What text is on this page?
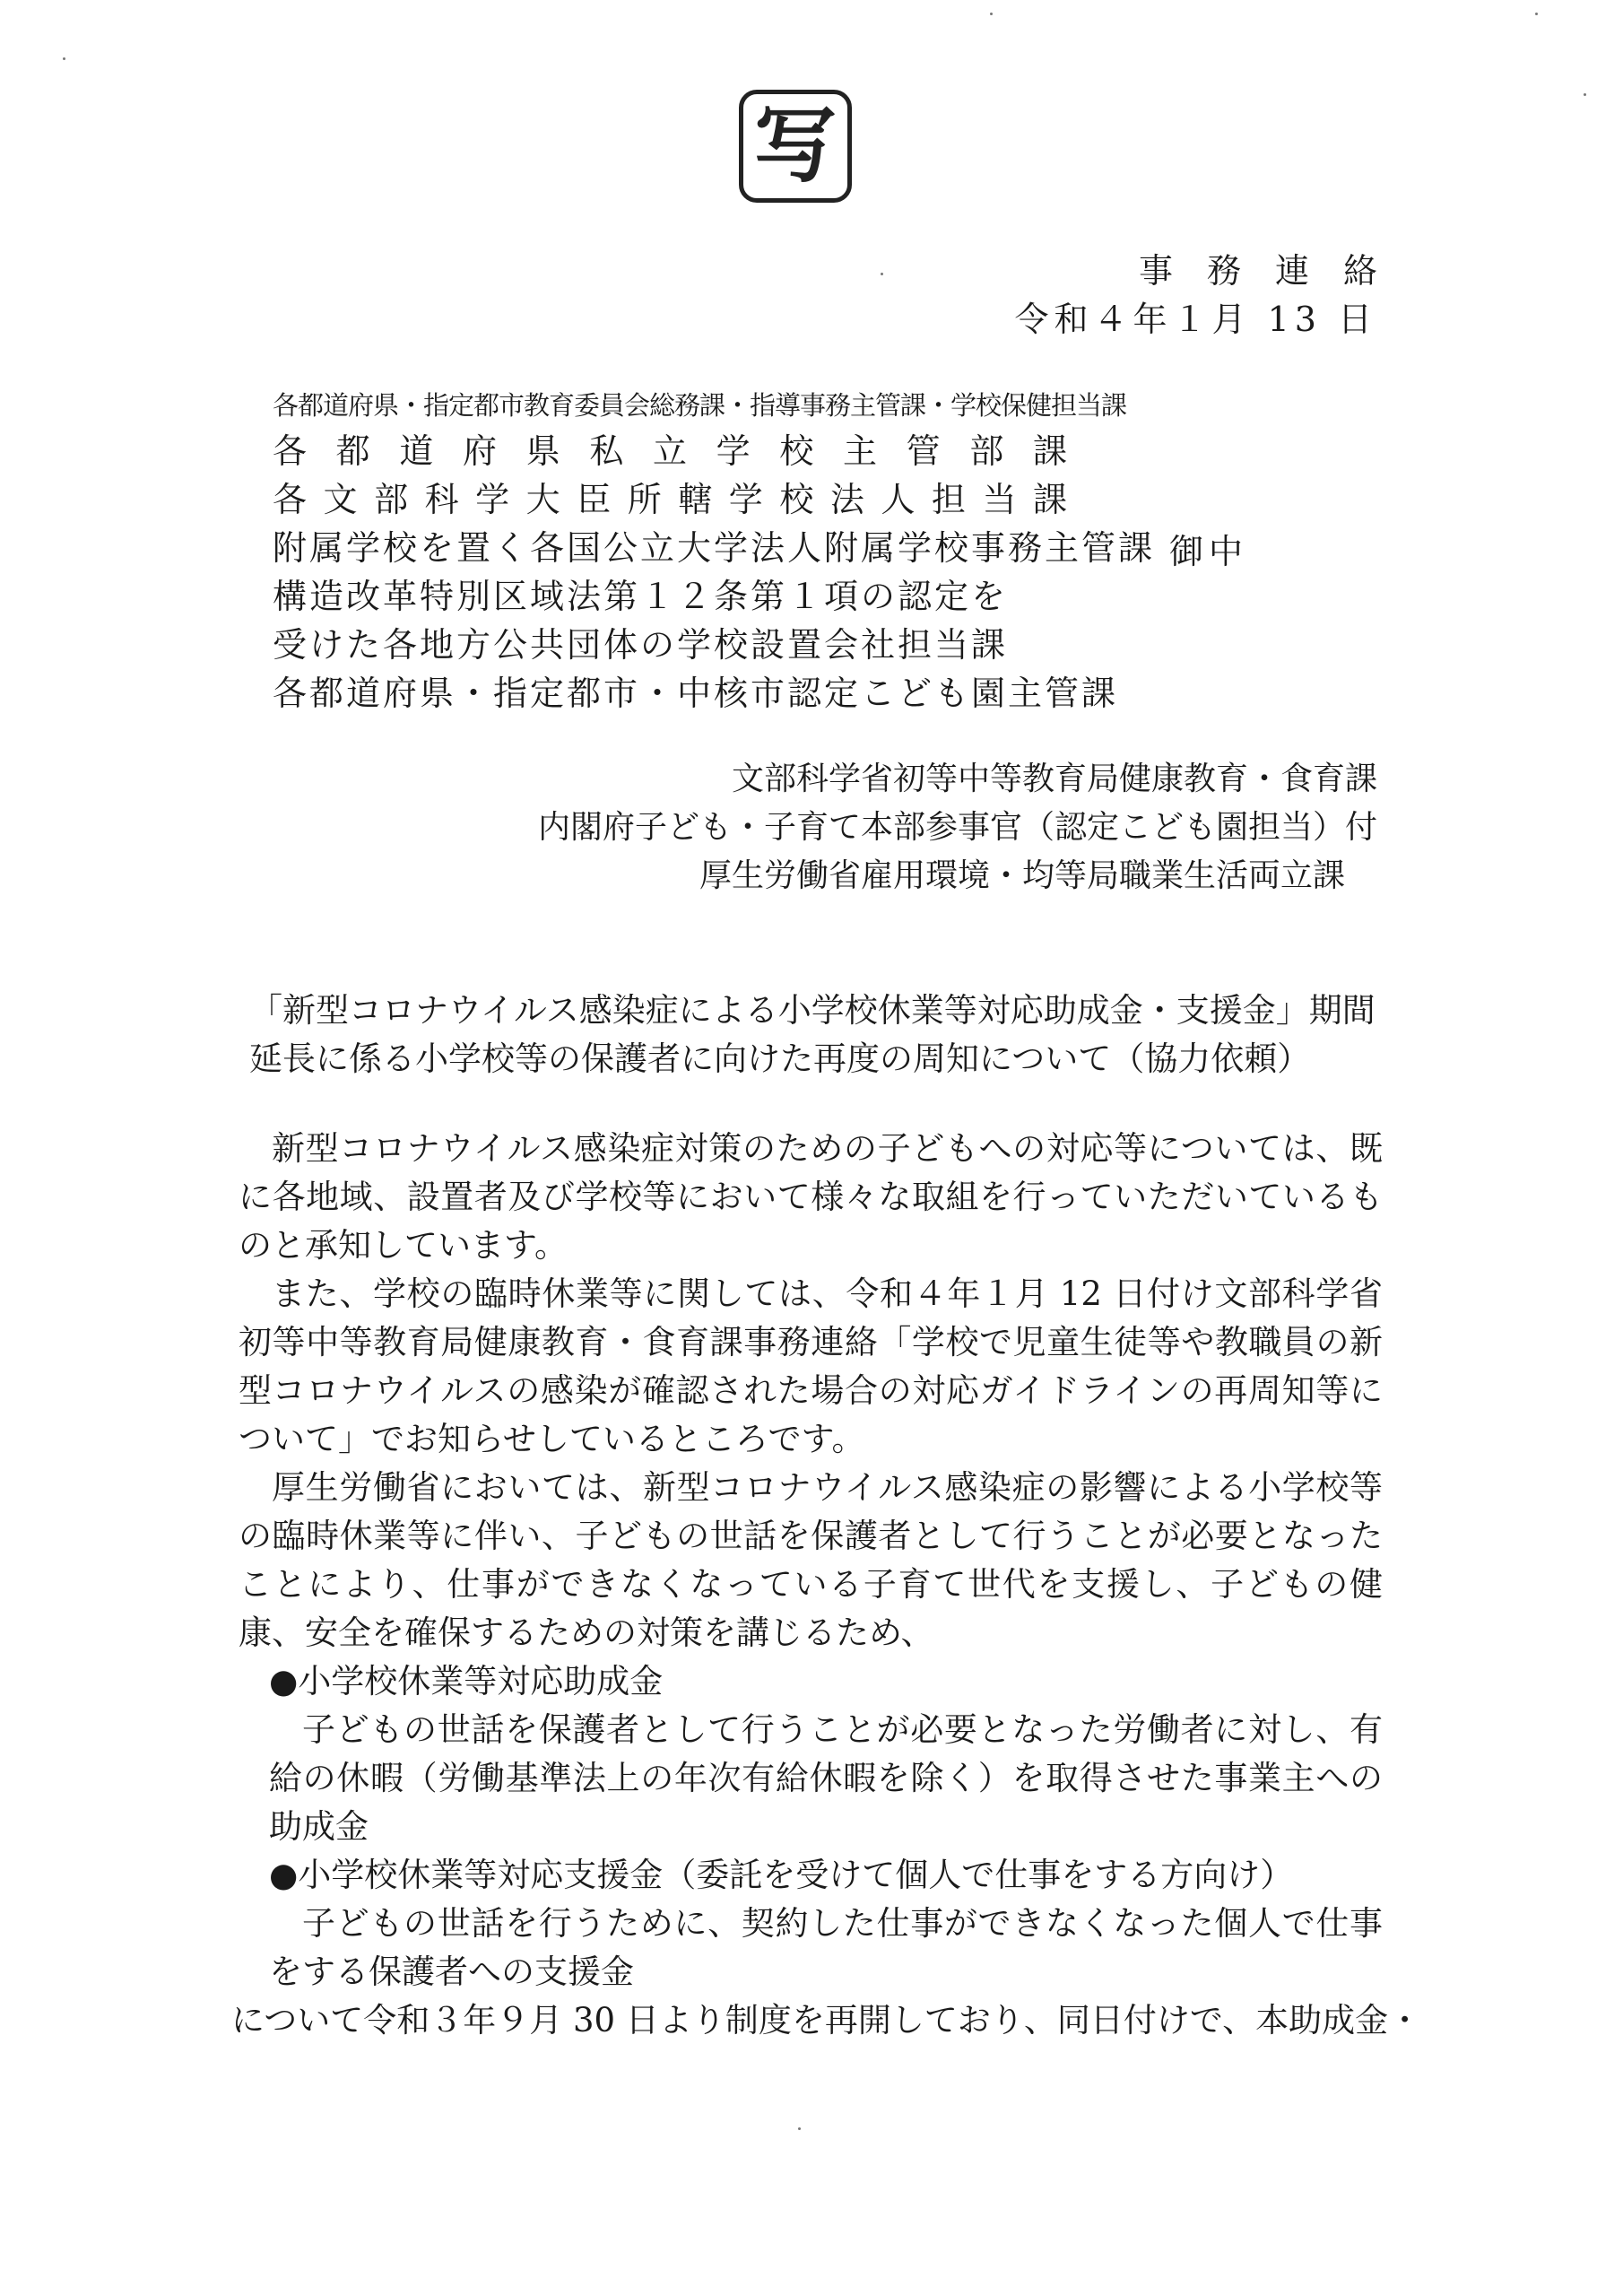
写
事務連絡
令和４年１月 13 日
各都道府県・指定都市教育委員会総務課・指導事務主管課・学校保健担当課
各都道府県私立学校主管部課
各文部科学大臣所轄学校法人担当課
附属学校を置く各国公立大学法人附属学校事務主管課
構造改革特別区域法第１２条第１項の認定を
受けた各地方公共団体の学校設置会社担当課
各都道府県・指定都市・中核市認定こども園主管課
御中
文部科学省初等中等教育局健康教育・食育課
内閣府子ども・子育て本部参事官（認定こども園担当）付
厚生労働省雇用環境・均等局職業生活両立課
「新型コロナウイルス感染症による小学校休業等対応助成金・支援金」期間
延長に係る小学校等の保護者に向けた再度の周知について（協力依頼）

新型コロナウイルス感染症対策のための子どもへの対応等については、既に各地域、設置者及び学校等において様々な取組を行っていただいているものと承知しています。

また、学校の臨時休業等に関しては、令和４年１月 12 日付け文部科学省初等中等教育局健康教育・食育課事務連絡「学校で児童生徒等や教職員の新型コロナウイルスの感染が確認された場合の対応ガイドラインの再周知等について」でお知らせしているところです。

厚生労働省においては、新型コロナウイルス感染症の影響による小学校等の臨時休業等に伴い、子どもの世話を保護者として行うことが必要となったことにより、仕事ができなくなっている子育て世代を支援し、子どもの健康、安全を確保するための対策を講じるため、

●小学校休業等対応助成金
子どもの世話を保護者として行うことが必要となった労働者に対し、有給の休暇（労働基準法上の年次有給休暇を除く）を取得させた事業主への助成金
●小学校休業等対応支援金（委託を受けて個人で仕事をする方向け）
子どもの世話を行うために、契約した仕事ができなくなった個人で仕事をする保護者への支援金
について令和３年９月 30 日より制度を再開しており、同日付けで、本助成金・
